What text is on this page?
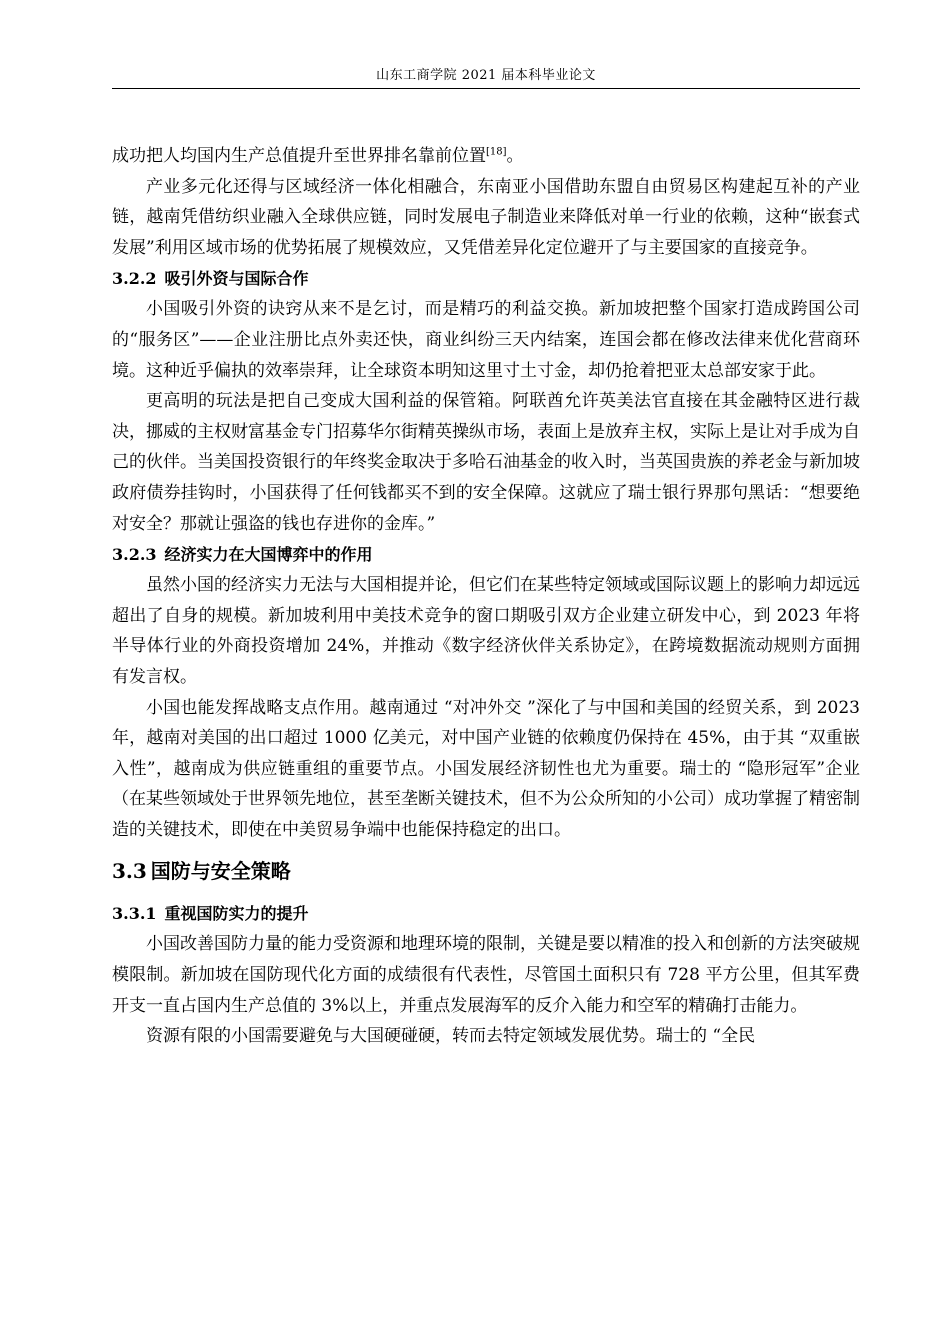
山东工商学院 2021 届本科毕业论文

成功把人均国内生产总值提升至世界排名靠前位置[18]。

产业多元化还得与区域经济一体化相融合，东南亚小国借助东盟自由贸易区构建起互补的产业链，越南凭借纺织业融入全球供应链，同时发展电子制造业来降低对单一行业的依赖，这种“嵌套式发展”利用区域市场的优势拓展了规模效应，又凭借差异化定位避开了与主要国家的直接竞争。

3.2.2 吸引外资与国际合作

小国吸引外资的诀窍从来不是乞讨，而是精巧的利益交换。新加坡把整个国家打造成跨国公司的“服务区”——企业注册比点外卖还快，商业纠纷三天内结案，连国会都在修改法律来优化营商环境。这种近乎偏执的效率崇拜，让全球资本明知这里寸土寸金，却仍抢着把亚太总部安家于此。

更高明的玩法是把自己变成大国利益的保管箱。阿联酋允许英美法官直接在其金融特区进行裁决，挪威的主权财富基金专门招募华尔街精英操纵市场，表面上是放弃主权，实际上是让对手成为自己的伙伴。当美国投资银行的年终奖金取决于多哈石油基金的收入时，当英国贵族的养老金与新加坡政府债券挂钩时，小国获得了任何钱都买不到的安全保障。这就应了瑞士银行界那句黑话：“想要绝对安全？那就让强盗的钱也存进你的金库。”

3.2.3 经济实力在大国博弈中的作用

虽然小国的经济实力无法与大国相提并论，但它们在某些特定领域或国际议题上的影响力却远远超出了自身的规模。新加坡利用中美技术竞争的窗口期吸引双方企业建立研发中心，到 2023 年将半导体行业的外商投资增加 24%，并推动《数字经济伙伴关系协定》，在跨境数据流动规则方面拥有发言权。

小国也能发挥战略支点作用。越南通过 “对冲外交 ”深化了与中国和美国的经贸关系，到 2023 年，越南对美国的出口超过 1000 亿美元，对中国产业链的依赖度仍保持在 45%，由于其 “双重嵌入性”，越南成为供应链重组的重要节点。小国发展经济韧性也尤为重要。瑞士的 “隐形冠军”企业（在某些领域处于世界领先地位，甚至垄断关键技术，但不为公众所知的小公司）成功掌握了精密制造的关键技术，即使在中美贸易争端中也能保持稳定的出口。

3.3 国防与安全策略
3.3.1 重视国防实力的提升

小国改善国防力量的能力受资源和地理环境的限制，关键是要以精准的投入和创新的方法突破规模限制。新加坡在国防现代化方面的成绩很有代表性，尽管国土面积只有 728 平方公里，但其军费开支一直占国内生产总值的 3%以上，并重点发展海军的反介入能力和空军的精确打击能力。

资源有限的小国需要避免与大国硬碰硬，转而去特定领域发展优势。瑞士的 “全民
